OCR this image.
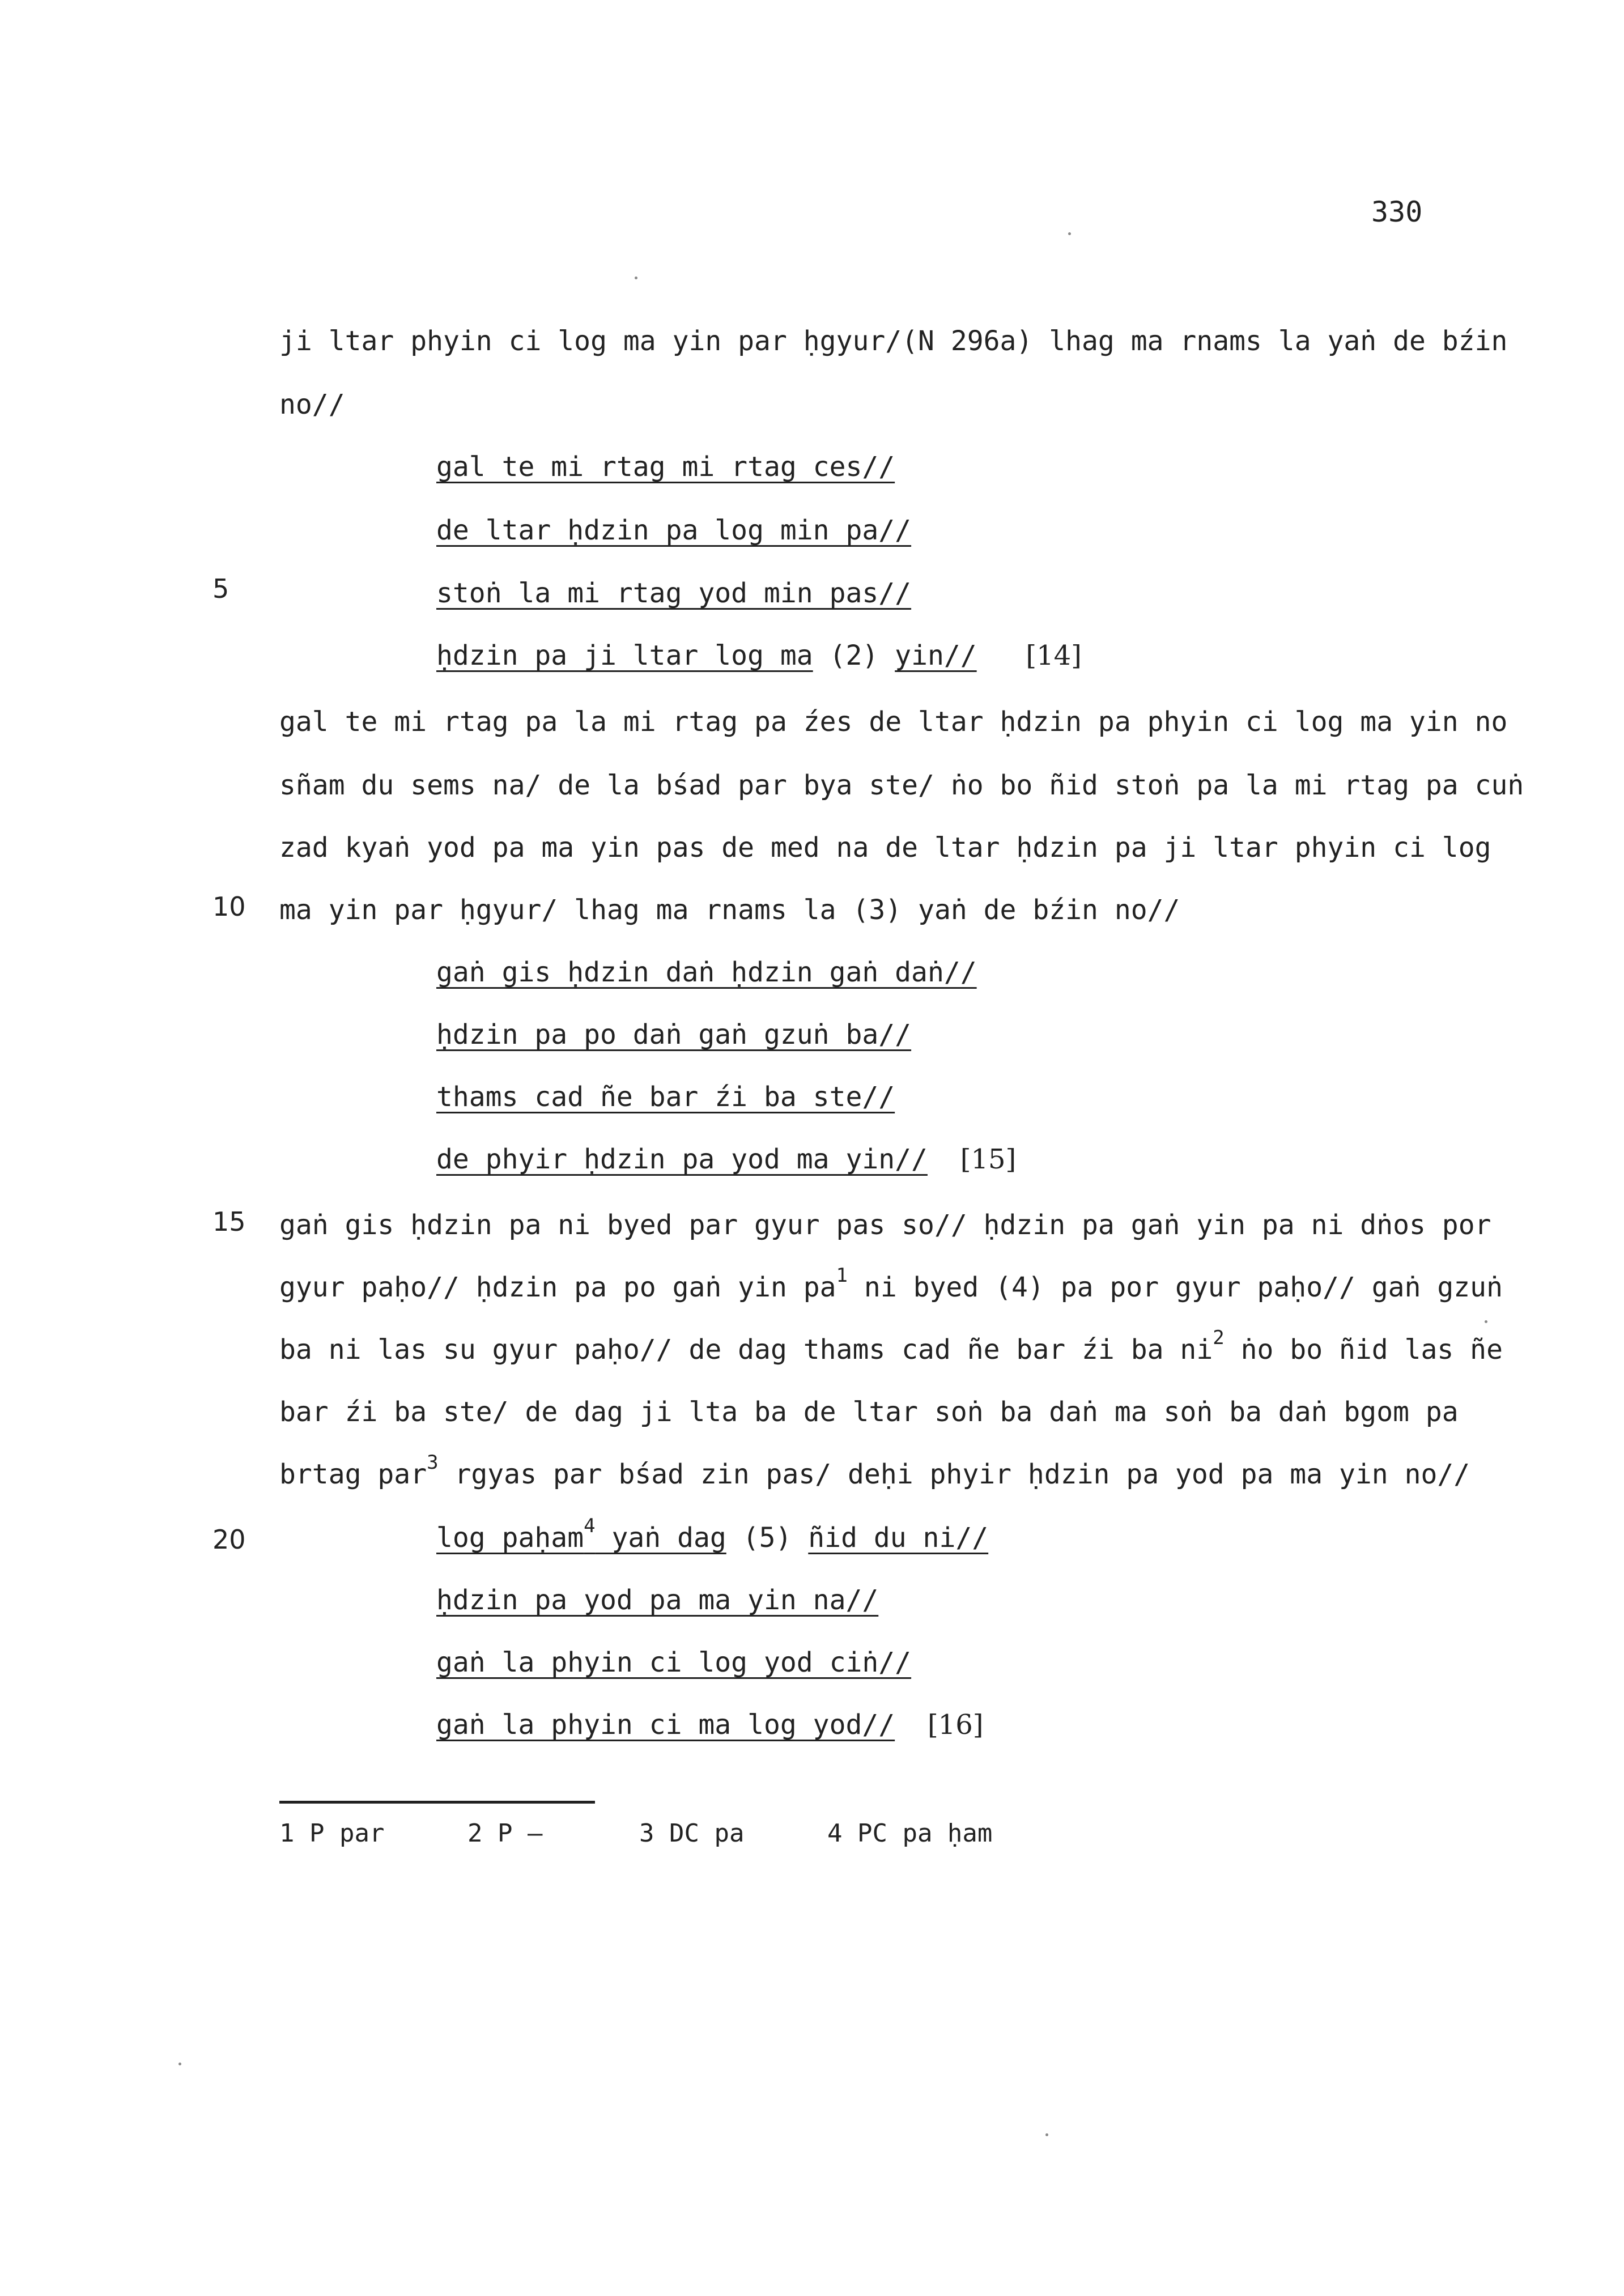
330
5
10
15
20
ji ltar phyin ci log ma yin par ḥgyur/(N 296a) lhag ma rnams la yaṅ de bźin
no//
gal te mi rtag mi rtag ces//
de ltar ḥdzin pa log min pa//
stoṅ la mi rtag yod min pas//
ḥdzin pa ji ltar log ma (2) yin// [14]
gal te mi rtag pa la mi rtag pa źes de ltar ḥdzin pa phyin ci log ma yin no
sñam du sems na/ de la bśad par bya ste/ ṅo bo ñid stoṅ pa la mi rtag pa cuṅ
zad kyaṅ yod pa ma yin pas de med na de ltar ḥdzin pa ji ltar phyin ci log
ma yin par ḥgyur/ lhag ma rnams la (3) yaṅ de bźin no//
gaṅ gis ḥdzin daṅ ḥdzin gaṅ daṅ//
ḥdzin pa po daṅ gaṅ gzuṅ ba//
thams cad ñe bar źi ba ste//
de phyir ḥdzin pa yod ma yin// [15]
gaṅ gis ḥdzin pa ni byed par gyur pas so// ḥdzin pa gaṅ yin pa ni dṅos por
gyur paḥo// ḥdzin pa po gaṅ yin $pa^1$ ni byed (4) pa por gyur paḥo// gaṅ gzuṅ
ba ni las su gyur paḥo// de dag thams cad ñe bar źi ba $ni^2$ ṅo bo ñid las ñe
bar źi ba ste/ de dag ji lta ba de ltar soṅ ba daṅ ma soṅ ba daṅ bgom pa
brtag par$^3$ rgyas par bśad zin pas/ deḥi phyir ḥdzin pa yod pa ma yin no//
log paḥam$^4$ yaṅ dag (5) ñid du ni//
ḥdzin pa yod pa ma yin na//
gaṅ la phyin ci log yod ciṅ//
gaṅ la phyin ci ma log yod// [16]
1 P par	2 P —	3 DC pa	4 PC pa ḥam
